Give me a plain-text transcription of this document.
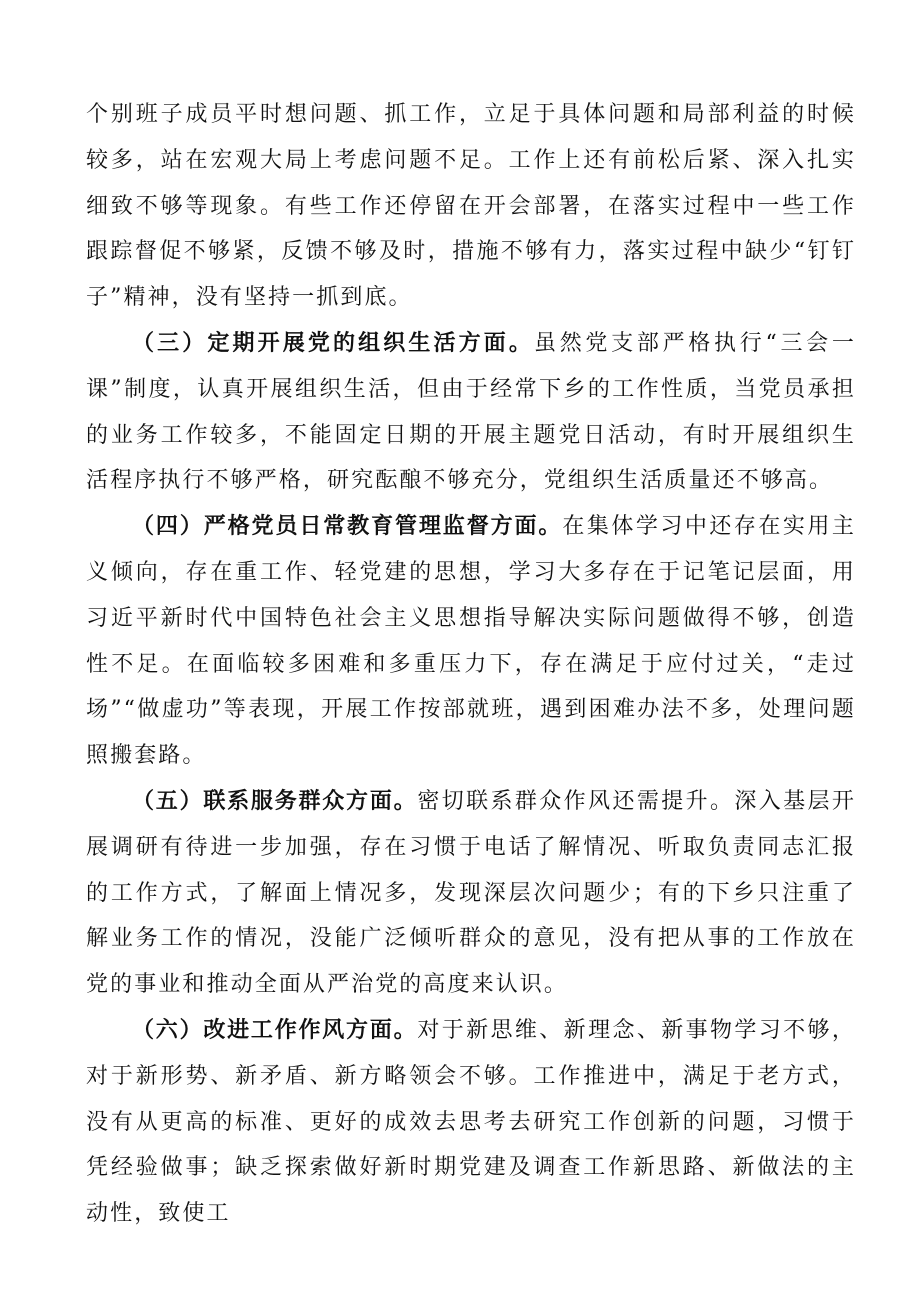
个别班子成员平时想问题、抓工作，立足于具体问题和局部利益的时候较多，站在宏观大局上考虑问题不足。工作上还有前松后紧、深入扎实细致不够等现象。有些工作还停留在开会部署，在落实过程中一些工作跟踪督促不够紧，反馈不够及时，措施不够有力，落实过程中缺少“钉钉子”精神，没有坚持一抓到底。

（三）定期开展党的组织生活方面。虽然党支部严格执行“三会一课”制度，认真开展组织生活，但由于经常下乡的工作性质，当党员承担的业务工作较多，不能固定日期的开展主题党日活动，有时开展组织生活程序执行不够严格，研究酝酿不够充分，党组织生活质量还不够高。

（四）严格党员日常教育管理监督方面。在集体学习中还存在实用主义倾向，存在重工作、轻党建的思想，学习大多存在于记笔记层面，用习近平新时代中国特色社会主义思想指导解决实际问题做得不够，创造性不足。在面临较多困难和多重压力下，存在满足于应付过关，“走过场”“做虚功”等表现，开展工作按部就班，遇到困难办法不多，处理问题照搬套路。

（五）联系服务群众方面。密切联系群众作风还需提升。深入基层开展调研有待进一步加强，存在习惯于电话了解情况、听取负责同志汇报的工作方式，了解面上情况多，发现深层次问题少；有的下乡只注重了解业务工作的情况，没能广泛倾听群众的意见，没有把从事的工作放在党的事业和推动全面从严治党的高度来认识。

（六）改进工作作风方面。对于新思维、新理念、新事物学习不够，对于新形势、新矛盾、新方略领会不够。工作推进中，满足于老方式，没有从更高的标准、更好的成效去思考去研究工作创新的问题，习惯于凭经验做事；缺乏探索做好新时期党建及调查工作新思路、新做法的主动性，致使工
